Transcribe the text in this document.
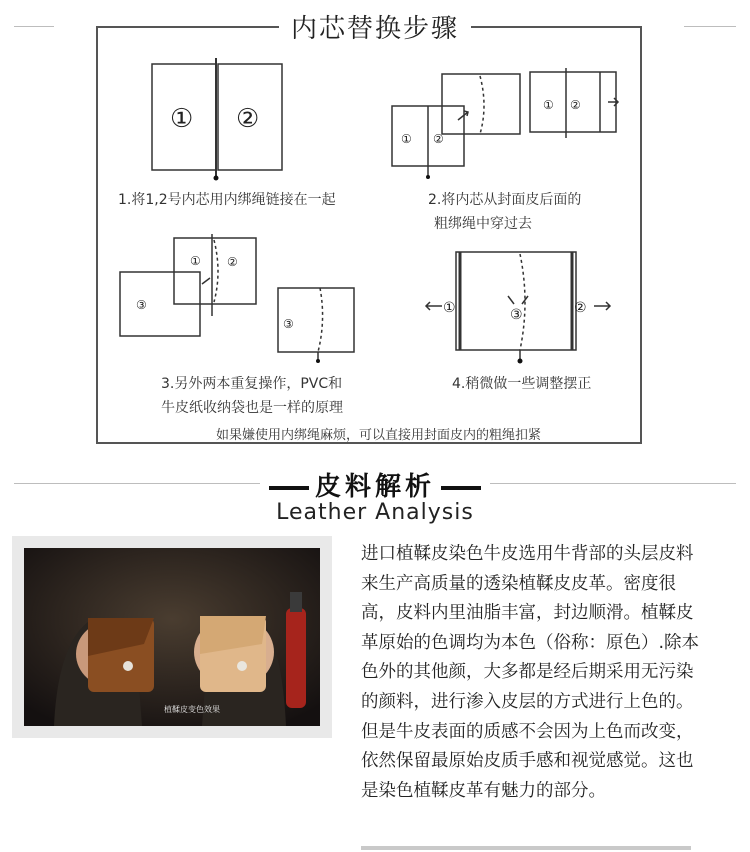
① ②
① ②
① ②
① ②
③
③
①	③	②
内芯替换步骤
1.将1,2号内芯用内绑绳链接在一起	2.将内芯从封面皮后面的
粗绑绳中穿过去
3.另外两本重复操作，PVC和
牛皮纸收纳袋也是一样的原理
4.稍微做一些调整摆正
如果嫌使用内绑绳麻烦，可以直接用封面皮内的粗绳扣紧
皮料解析
Leather Analysis
植鞣皮变色效果

进口植鞣皮染色牛皮选用牛背部的头层皮料来生产高质量的透染植鞣皮皮革。密度很高，皮料内里油脂丰富，封边顺滑。植鞣皮革原始的色调均为本色（俗称：原色）.除本色外的其他颜，大多都是经后期采用无污染的颜料，进行渗入皮层的方式进行上色的。但是牛皮表面的质感不会因为上色而改变，依然保留最原始皮质手感和视觉感觉。这也是染色植鞣皮革有魅力的部分。
